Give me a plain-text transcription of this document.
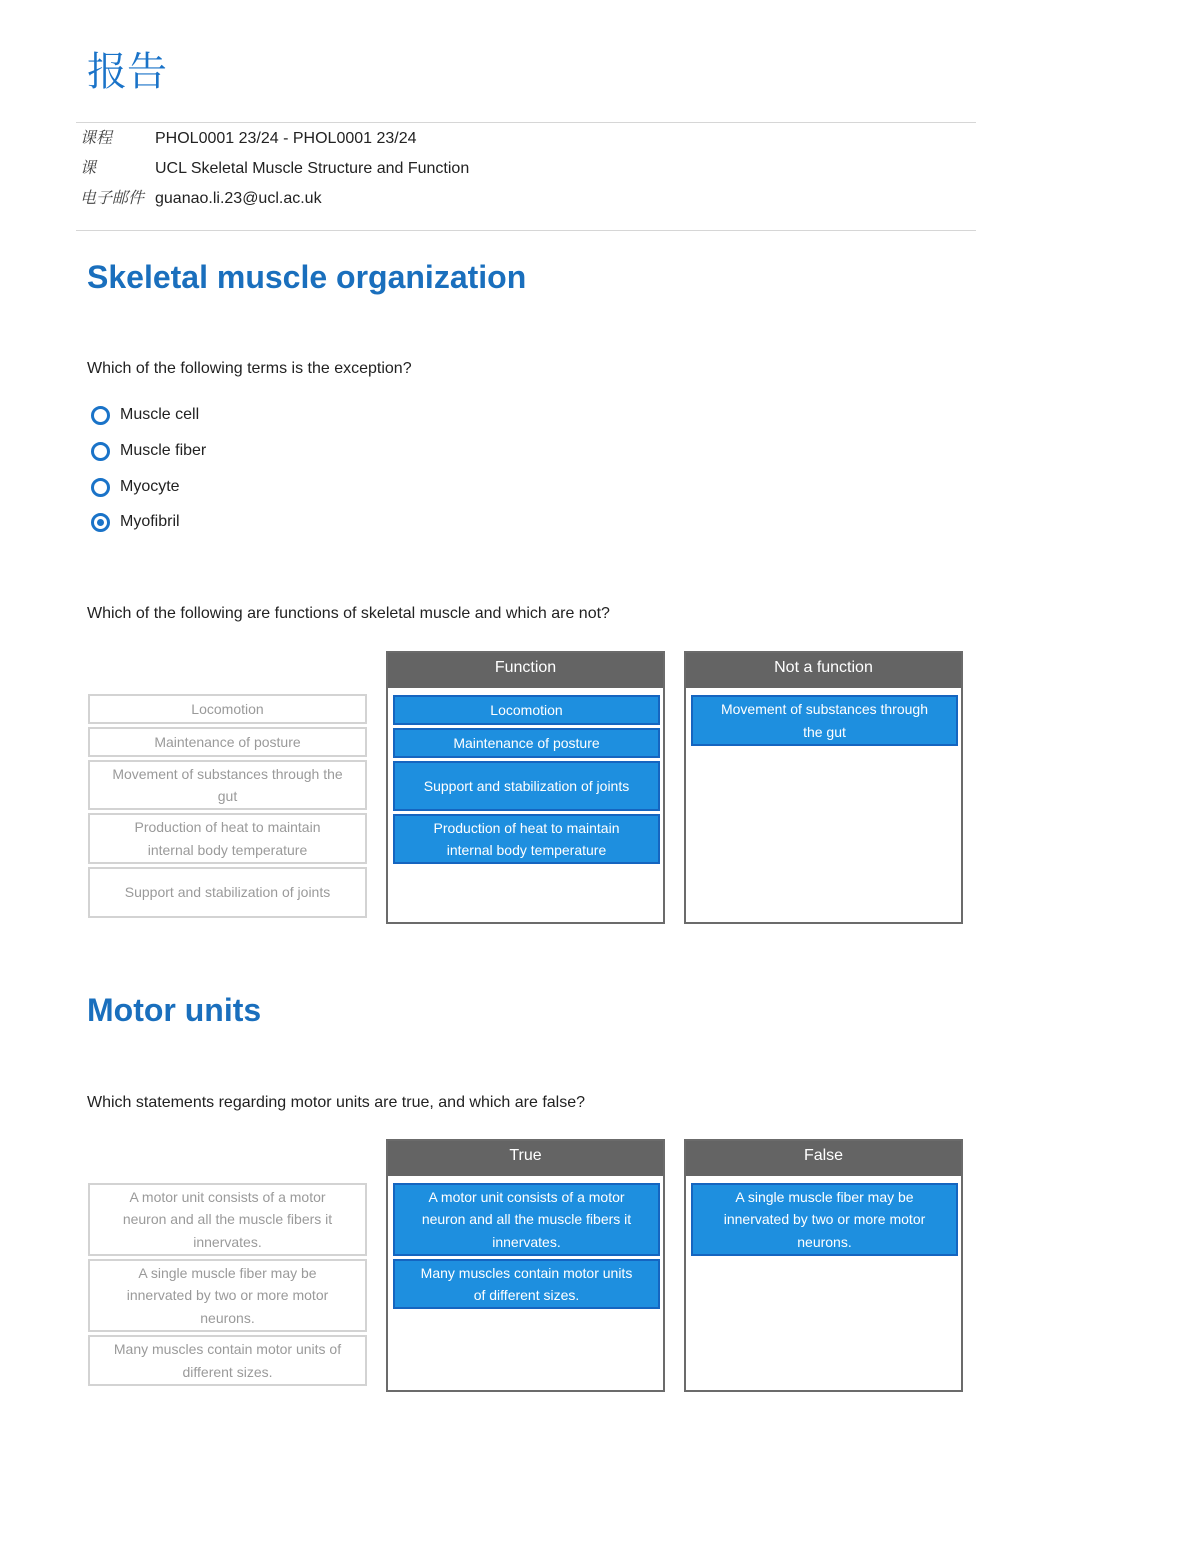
报告
课程	PHOL0001 23/24 - PHOL0001 23/24
课	UCL Skeletal Muscle Structure and Function
电子邮件 guanao.li.23@ucl.ac.uk
Skeletal muscle organization
Which of the following terms is the exception?
Muscle cell
Muscle fiber
Myocyte
Myofibril
Which of the following are functions of skeletal muscle and which are not?
Locomotion
Maintenance of posture
Movement of substances through the gut
Production of heat to maintain internal body temperature
Support and stabilization of joints
Function
Locomotion
Maintenance of posture
Support and stabilization of joints
Production of heat to maintain internal body temperature
Not a function
Movement of substances through the gut
Motor units
Which statements regarding motor units are true, and which are false?
A motor unit consists of a motor neuron and all the muscle fibers it innervates.
A single muscle fiber may be innervated by two or more motor neurons.
Many muscles contain motor units of different sizes.
True
A motor unit consists of a motor neuron and all the muscle fibers it innervates.
Many muscles contain motor units of different sizes.
False
A single muscle fiber may be innervated by two or more motor neurons.
